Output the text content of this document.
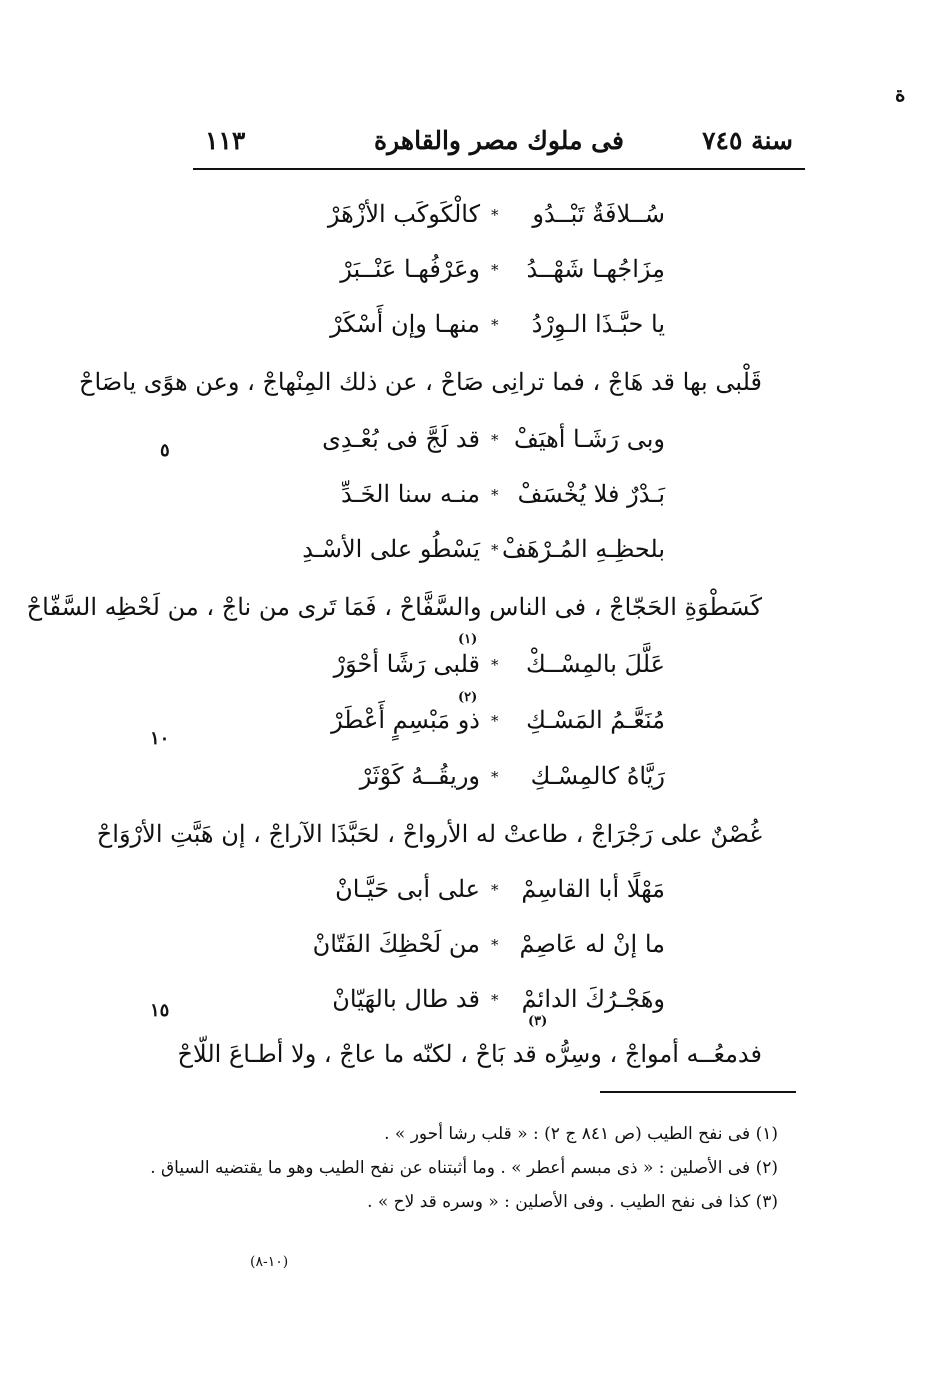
ة
سنة ٧٤٥
فى ملوك مصر والقاهرة
١١٣
سُــلافَةٌ تَبْــدُو
*
كالْكَوكَب الأزْهَرْ
مِزَاجُهـا شَهْــدُ
*
وعَرْفُهـا عَنْــبَرْ
يا حبَّـذَا الـوِرْدُ
*
منهـا وإن أَسْكَرْ
قَلْبى بها قد هَاجْ ، فما ترانِى صَاحْ ، عن ذلك المِنْهاجْ ، وعن هوًى ياصَاحْ
وبى رَشَـا أهيَفْ
*
قد لَجَّ فى بُعْـدِى
٥
بَـدْرٌ فلا يُخْسَفْ
*
منـه سنا الخَـدِّ
بلحظِـهِ المُـرْهَفْ
*
يَسْطُو على الأسْـدِ
كَسَطْوَةِ الحَجّاجْ ، فى الناس والسَّفَّاحْ ، فَمَا تَرى من ناجْ ، من لَحْظِه السَّفّاحْ
(١)
عَلَّلَ بالمِسْــكْ
*
قلبى رَشًا أحْوَرْ
(٢)
مُنَعَّـمُ المَسْـكِ
*
ذو مَبْسِمٍ أَعْطَرْ
١٠
رَيَّاهُ كالمِسْـكِ
*
وريقُــهُ كَوْثَرْ
غُصْنٌ على رَجْرَاجْ ، طاعتْ له الأرواحْ ، لحَبَّذَا الآراجْ ، إن هَبَّتِ الأرْوَاحْ
مَهْلًا أبا القاسِمْ
*
على أبى حَيَّـانْ
ما إنْ له عَاصِمْ
*
من لَحْظِكَ الفَتّانْ
وهَجْـرُكَ الدائمْ
*
قد طال بالهَيّانْ
١٥
(٣)
فدمعُــه أمواجْ ، وسِرُّه قد بَاحْ ، لكنّه ما عاجْ ، ولا أطـاعَ اللّاحْ
(١) فى نفح الطيب (ص ٨٤١ ج ٢) : « قلب رشا أحور » .
(٢) فى الأصلين : « ذى مبسم أعطر » . وما أثبتناه عن نفح الطيب وهو ما يقتضيه السياق .
(٣) كذا فى نفح الطيب . وفى الأصلين : « وسره قد لاح » .
(١٠-٨)
